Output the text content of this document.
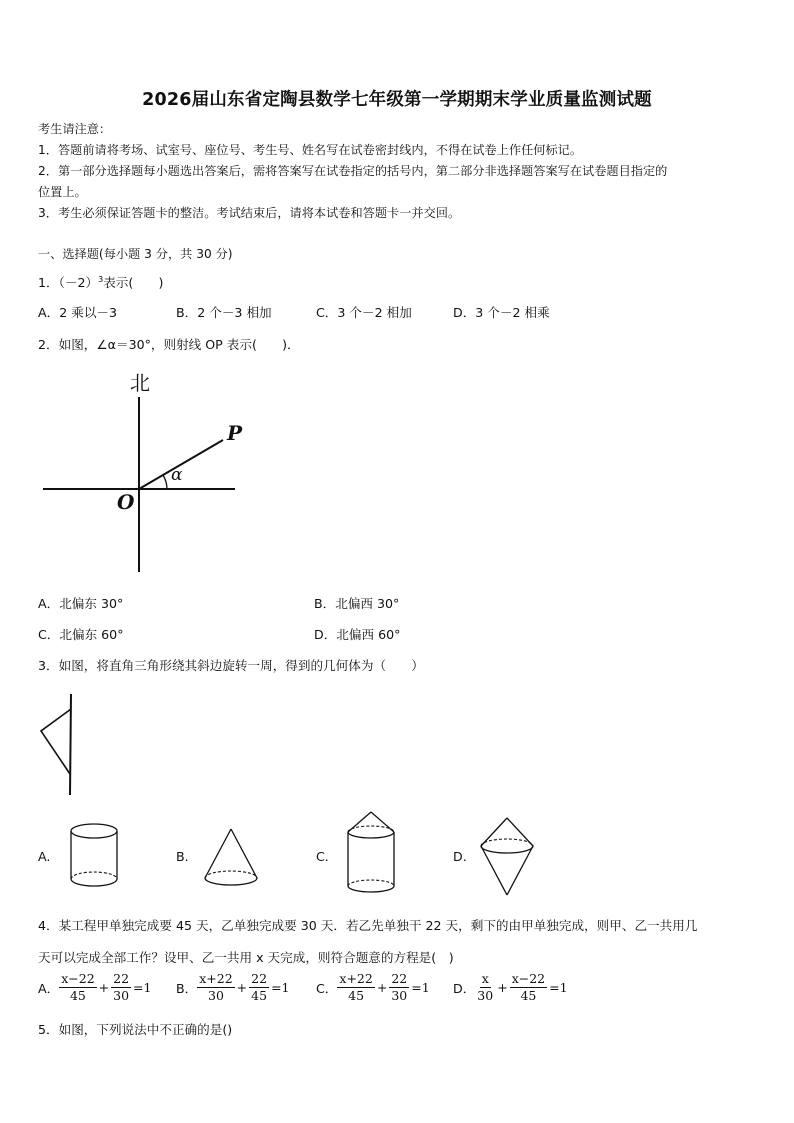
2026届山东省定陶县数学七年级第一学期期末学业质量监测试题
考生请注意：
1．答题前请将考场、试室号、座位号、考生号、姓名写在试卷密封线内，不得在试卷上作任何标记。
2．第一部分选择题每小题选出答案后，需将答案写在试卷指定的括号内，第二部分非选择题答案写在试卷题目指定的
位置上。
3．考生必须保证答题卡的整洁。考试结束后，请将本试卷和答题卡一并交回。
一、选择题(每小题 3 分，共 30 分)
1．$(-2)^3$表示(　　)
A．2 乘以－3	B．2 个－3 相加	C．3 个－2 相加	D．3 个－2 相乘
2．如图，∠α＝30°，则射线 OP 表示(　　)．
北
P
O
α
A．北偏东 30°	B．北偏西 30°
C．北偏东 60°	D．北偏西 60°
3．如图，将直角三角形绕其斜边旋转一周，得到的几何体为（　　）
A.	B.	C.	D.
4．某工程甲单独完成要 45 天，乙单独完成要 30 天．若乙先单独干 22 天，剩下的由甲单独完成，则甲、乙一共用几
天可以完成全部工作？设甲、乙一共用 x 天完成，则符合题意的方程是(　)
A． $\frac{x-22}{45} + \frac{22}{30} =1$ B． $\frac{x+22}{30} + \frac{22}{45} =1$ C． $\frac{x+22}{45} + \frac{22}{30} =1$ D． $\frac{x}{30} + \frac{x-22}{45} =1$
5．如图，下列说法中不正确的是()
